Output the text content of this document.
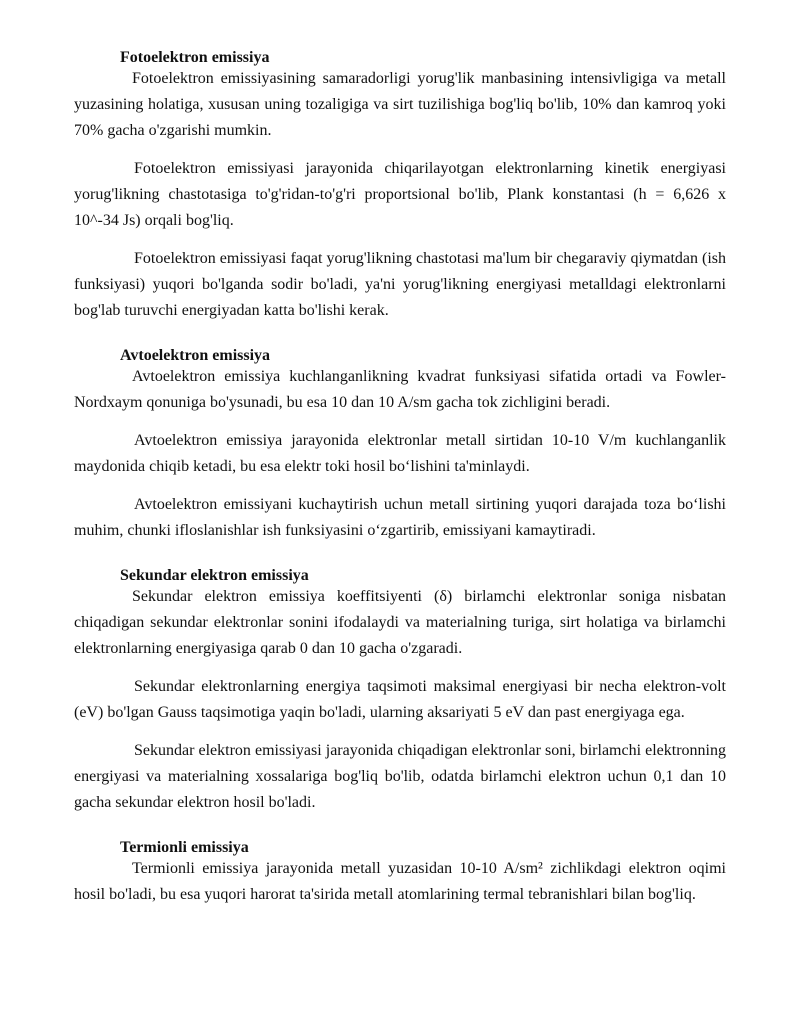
Fotoelektron emissiya

Fotoelektron emissiyasining samaradorligi yorug'lik manbasining intensivligiga va metall yuzasining holatiga, xususan uning tozaligiga va sirt tuzilishiga bog'liq bo'lib, 10% dan kamroq yoki 70% gacha o'zgarishi mumkin.

Fotoelektron emissiyasi jarayonida chiqarilayotgan elektronlarning kinetik energiyasi yorug'likning chastotasiga to'g'ridan-to'g'ri proportsional bo'lib, Plank konstantasi (h = 6,626 x 10^-34 Js) orqali bog'liq.

Fotoelektron emissiyasi faqat yorug'likning chastotasi ma'lum bir chegaraviy qiymatdan (ish funksiyasi) yuqori bo'lganda sodir bo'ladi, ya'ni yorug'likning energiyasi metalldagi elektronlarni bog'lab turuvchi energiyadan katta bo'lishi kerak.

Avtoelektron emissiya

Avtoelektron emissiya kuchlanganlikning kvadrat funksiyasi sifatida ortadi va Fowler-Nordxaym qonuniga bo'ysunadi, bu esa 10 dan 10 A/sm gacha tok zichligini beradi.

Avtoelektron emissiya jarayonida elektronlar metall sirtidan 10-10 V/m kuchlanganlik maydonida chiqib ketadi, bu esa elektr toki hosil bo‘lishini ta'minlaydi.

Avtoelektron emissiyani kuchaytirish uchun metall sirtining yuqori darajada toza bo‘lishi muhim, chunki ifloslanishlar ish funksiyasini o‘zgartirib, emissiyani kamaytiradi.

Sekundar elektron emissiya

Sekundar elektron emissiya koeffitsiyenti (δ) birlamchi elektronlar soniga nisbatan chiqadigan sekundar elektronlar sonini ifodalaydi va materialning turiga, sirt holatiga va birlamchi elektronlarning energiyasiga qarab 0 dan 10 gacha o'zgaradi.

Sekundar elektronlarning energiya taqsimoti maksimal energiyasi bir necha elektron-volt (eV) bo'lgan Gauss taqsimotiga yaqin bo'ladi, ularning aksariyati 5 eV dan past energiyaga ega.

Sekundar elektron emissiyasi jarayonida chiqadigan elektronlar soni, birlamchi elektronning energiyasi va materialning xossalariga bog'liq bo'lib, odatda birlamchi elektron uchun 0,1 dan 10 gacha sekundar elektron hosil bo'ladi.

Termionli emissiya

Termionli emissiya jarayonida metall yuzasidan 10-10 A/sm² zichlikdagi elektron oqimi hosil bo'ladi, bu esa yuqori harorat ta'sirida metall atomlarining termal tebranishlari bilan bog'liq.
